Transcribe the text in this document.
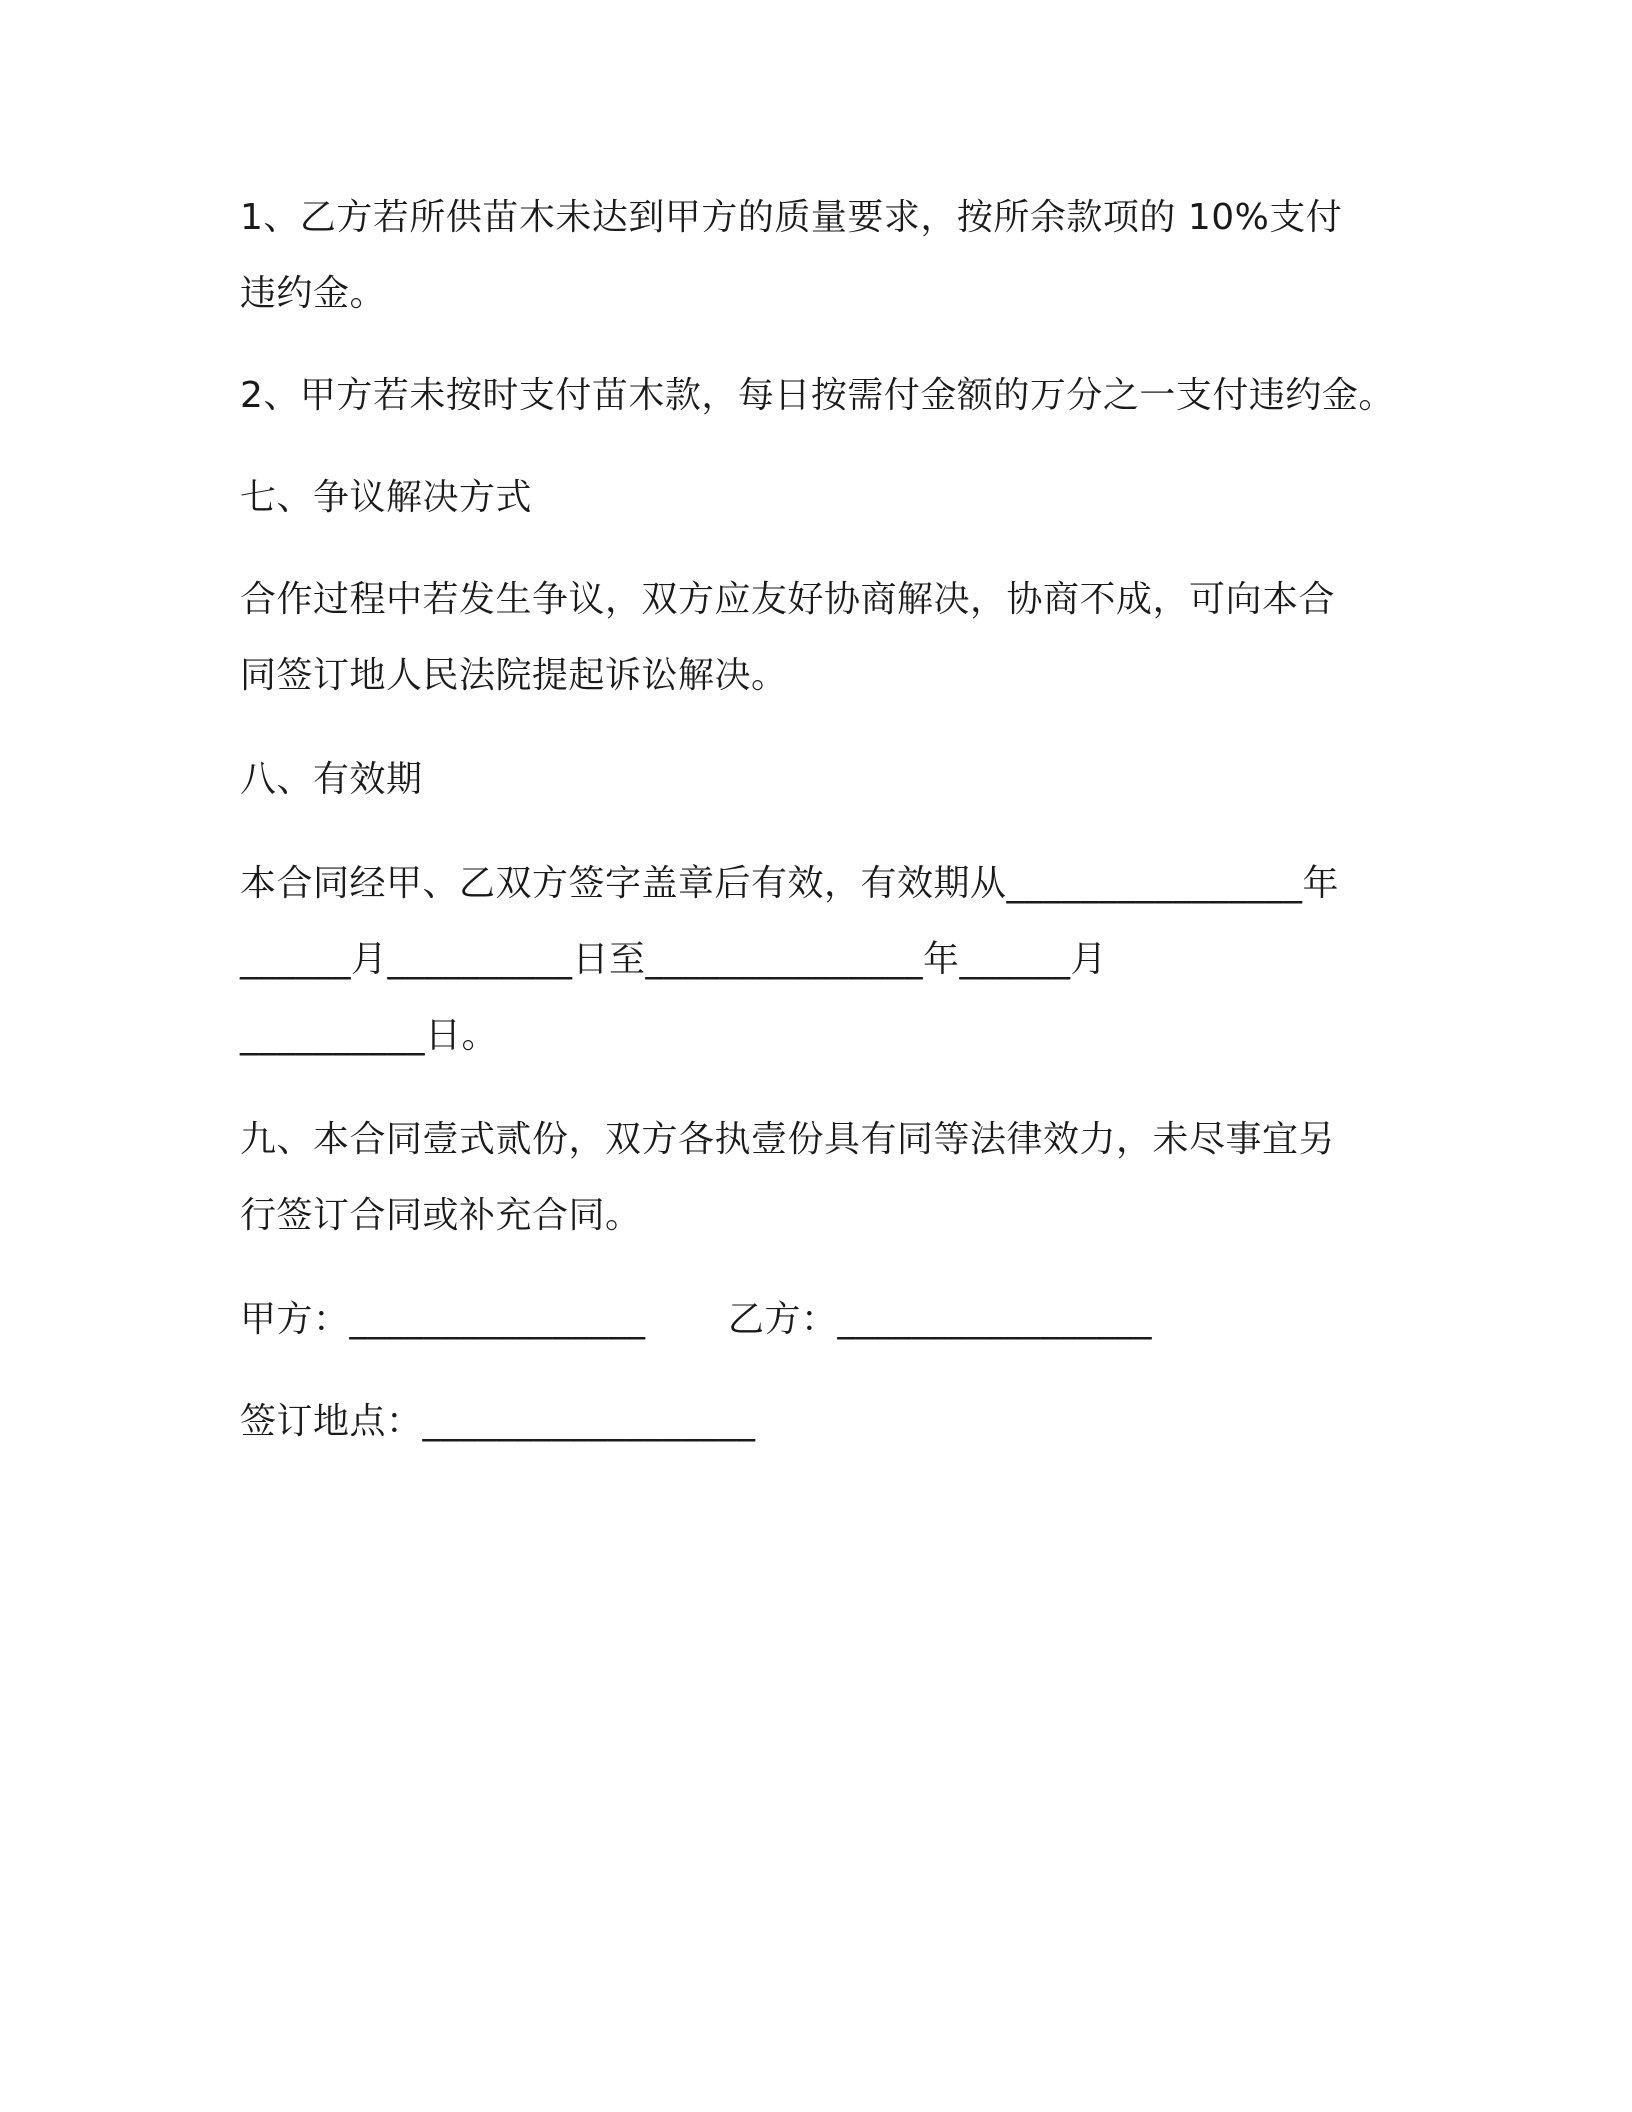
1、乙方若所供苗木未达到甲方的质量要求，按所余款项的 10%支付
违约金。
2、甲方若未按时支付苗木款，每日按需付金额的万分之一支付违约金。
七、争议解决方式
合作过程中若发生争议，双方应友好协商解决，协商不成，可向本合
同签订地人民法院提起诉讼解决。
八、有效期
本合同经甲、乙双方签字盖章后有效，有效期从________________年
______月__________日至_______________年______月
__________日。
九、本合同壹式贰份，双方各执壹份具有同等法律效力，未尽事宜另
行签订合同或补充合同。
甲方：________________ 乙方：_________________
签订地点：__________________
